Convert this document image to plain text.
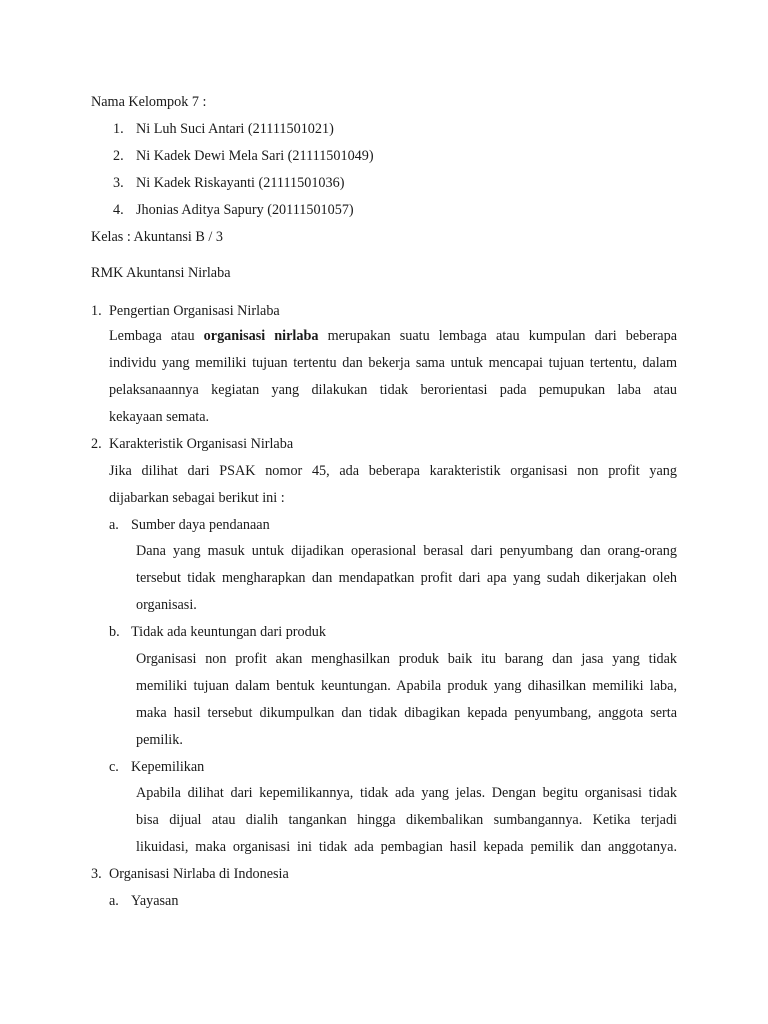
Nama Kelompok 7 :
1. Ni Luh Suci Antari (21111501021)
2. Ni Kadek Dewi Mela Sari (21111501049)
3. Ni Kadek Riskayanti (21111501036)
4. Jhonias Aditya Sapury (20111501057)
Kelas : Akuntansi B / 3
RMK Akuntansi Nirlaba
1. Pengertian Organisasi Nirlaba
Lembaga atau organisasi nirlaba merupakan suatu lembaga atau kumpulan dari beberapa
individu yang memiliki tujuan tertentu dan bekerja sama untuk mencapai tujuan tertentu, dalam
pelaksanaannya kegiatan yang dilakukan tidak berorientasi pada pemupukan laba atau
kekayaan semata.
2. Karakteristik Organisasi Nirlaba
Jika dilihat dari PSAK nomor 45, ada beberapa karakteristik organisasi non profit yang
dijabarkan sebagai berikut ini :
a. Sumber daya pendanaan
Dana yang masuk untuk dijadikan operasional berasal dari penyumbang dan orang-orang
tersebut tidak mengharapkan dan mendapatkan profit dari apa yang sudah dikerjakan oleh
organisasi.
b. Tidak ada keuntungan dari produk
Organisasi non profit akan menghasilkan produk baik itu barang dan jasa yang tidak
memiliki tujuan dalam bentuk keuntungan. Apabila produk yang dihasilkan memiliki laba,
maka hasil tersebut dikumpulkan dan tidak dibagikan kepada penyumbang, anggota serta
pemilik.
c. Kepemilikan
Apabila dilihat dari kepemilikannya, tidak ada yang jelas. Dengan begitu organisasi tidak
bisa dijual atau dialih tangankan hingga dikembalikan sumbangannya. Ketika terjadi
likuidasi, maka organisasi ini tidak ada pembagian hasil kepada pemilik dan anggotanya.
3. Organisasi Nirlaba di Indonesia
a. Yayasan
